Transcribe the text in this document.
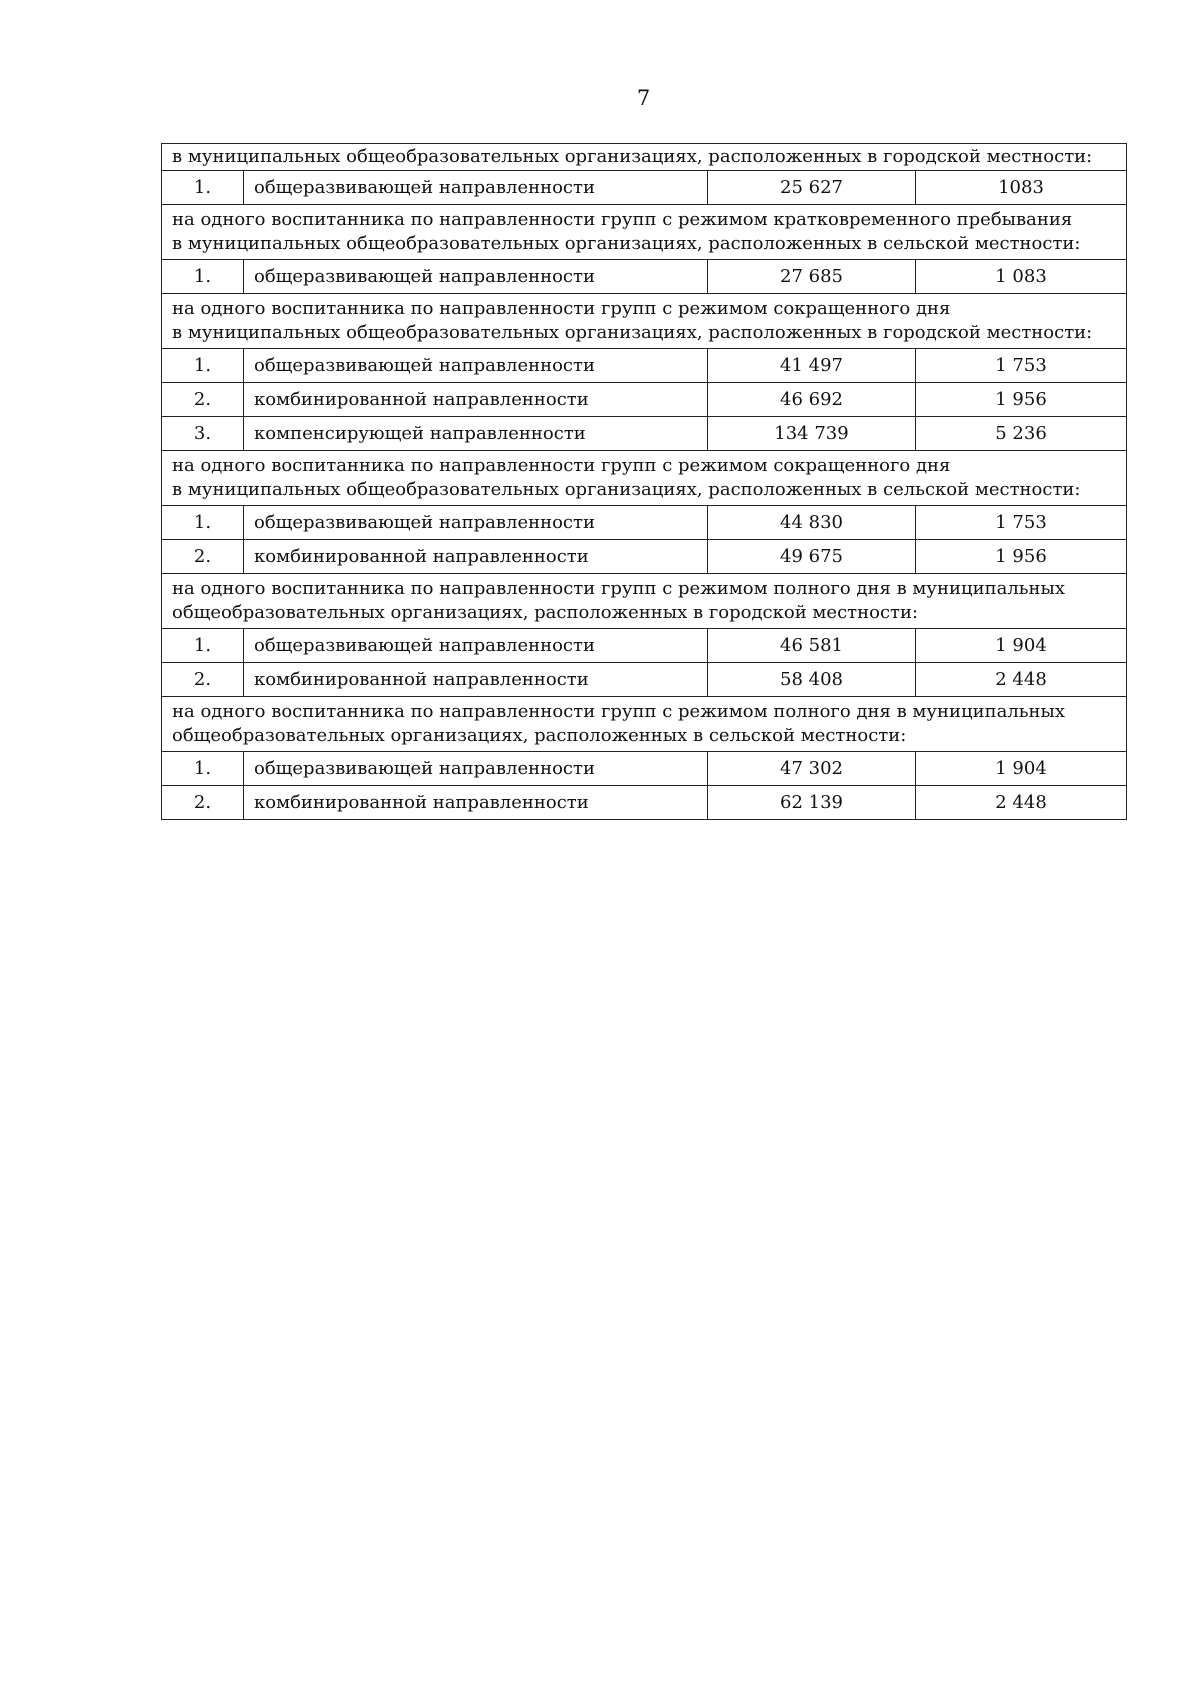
7
в муниципальных общеобразовательных организациях, расположенных в городской местности:			

1.	общеразвивающей направленности	25 627	1083

на одного воспитанника по направленности групп с режимом кратковременного пребывания
в муниципальных общеобразовательных организациях, расположенных в сельской местности:			

1.	общеразвивающей направленности	27 685	1 083

на одного воспитанника по направленности групп с режимом сокращенного дня
в муниципальных общеобразовательных организациях, расположенных в городской местности:			

1.	общеразвивающей направленности	41 497	1 753
2.	комбинированной направленности	46 692	1 956
3.	компенсирующей направленности	134 739	5 236

на одного воспитанника по направленности групп с режимом сокращенного дня
в муниципальных общеобразовательных организациях, расположенных в сельской местности:			

1.	общеразвивающей направленности	44 830	1 753
2.	комбинированной направленности	49 675	1 956

на одного воспитанника по направленности групп с режимом полного дня в муниципальных
общеобразовательных организациях, расположенных в городской местности:			

1.	общеразвивающей направленности	46 581	1 904
2.	комбинированной направленности	58 408	2 448

на одного воспитанника по направленности групп с режимом полного дня в муниципальных
общеобразовательных организациях, расположенных в сельской местности:			

1.	общеразвивающей направленности	47 302	1 904
2.	комбинированной направленности	62 139	2 448
